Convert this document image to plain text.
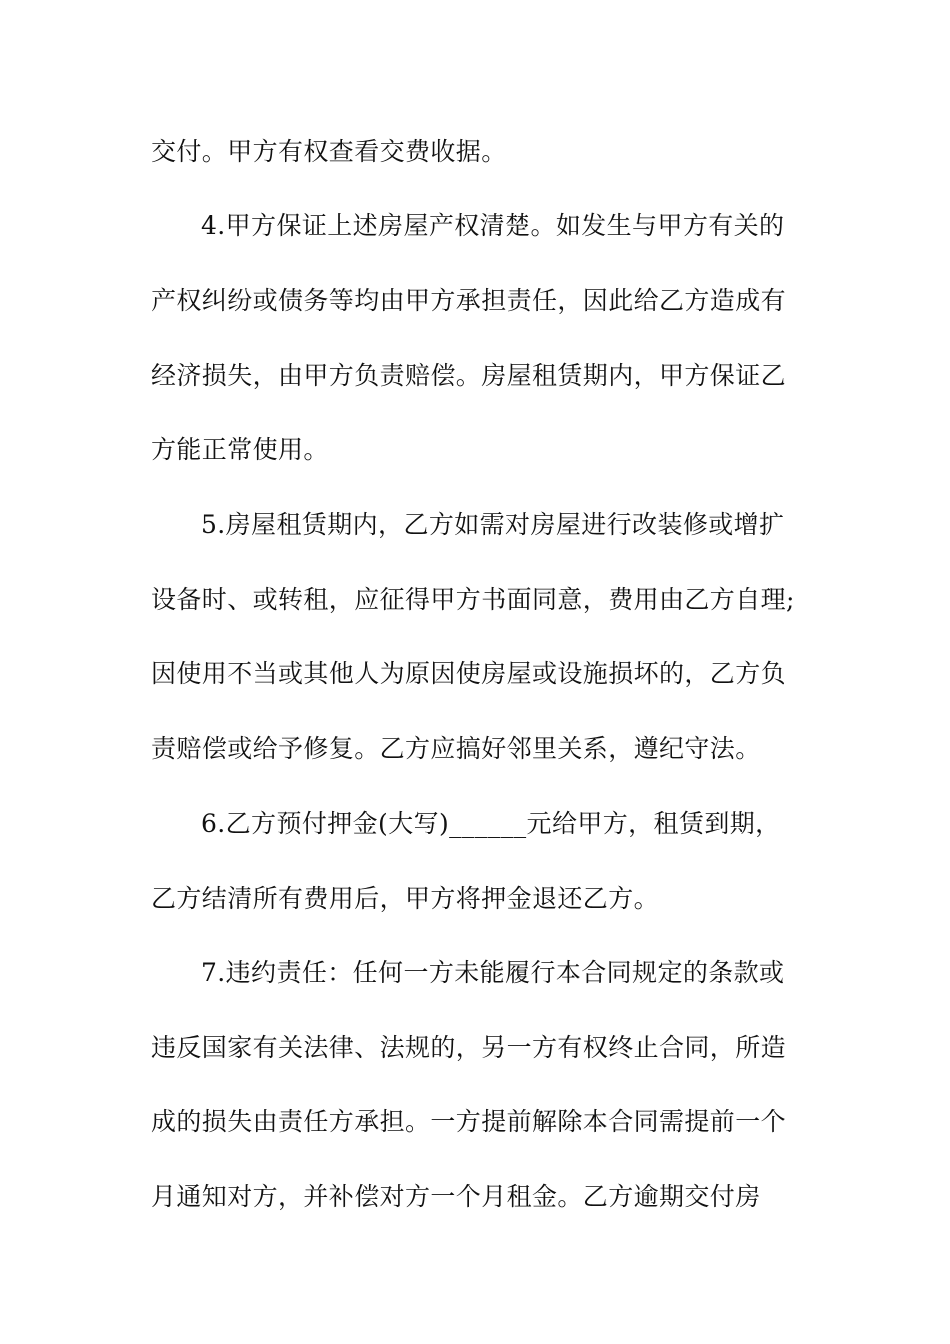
交付。甲方有权查看交费收据。
4.甲方保证上述房屋产权清楚。如发生与甲方有关的
产权纠纷或债务等均由甲方承担责任，因此给乙方造成有
经济损失，由甲方负责赔偿。房屋租赁期内，甲方保证乙
方能正常使用。
5.房屋租赁期内，乙方如需对房屋进行改装修或增扩
设备时、或转租，应征得甲方书面同意，费用由乙方自理;
因使用不当或其他人为原因使房屋或设施损坏的，乙方负
责赔偿或给予修复。乙方应搞好邻里关系，遵纪守法。
6.乙方预付押金(大写)______元给甲方，租赁到期，
乙方结清所有费用后，甲方将押金退还乙方。
7.违约责任：任何一方未能履行本合同规定的条款或
违反国家有关法律、法规的，另一方有权终止合同，所造
成的损失由责任方承担。一方提前解除本合同需提前一个
月通知对方，并补偿对方一个月租金。乙方逾期交付房
